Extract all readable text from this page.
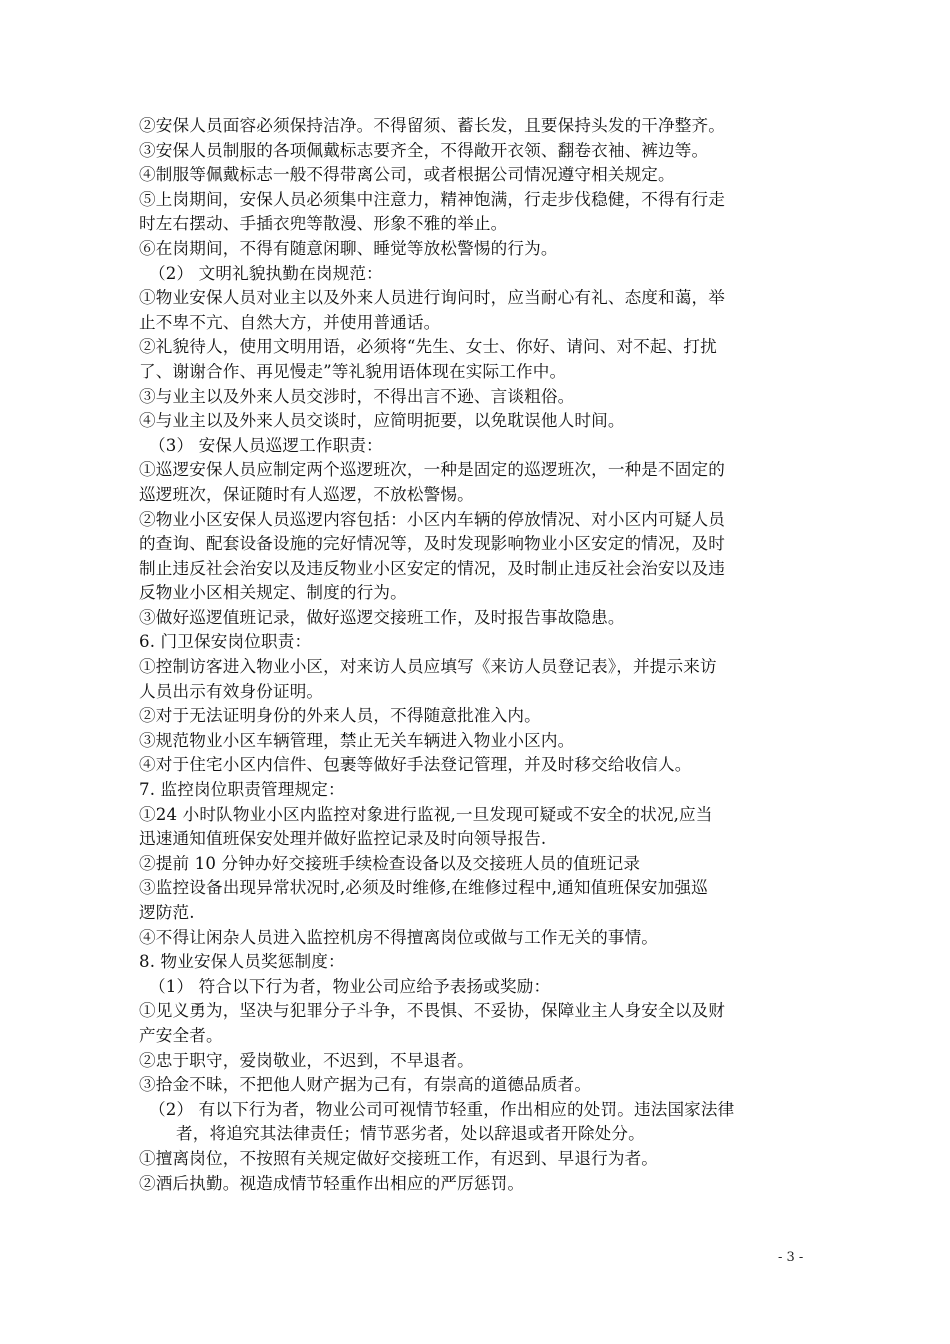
②安保人员面容必须保持洁净。不得留须、蓄长发，且要保持头发的干净整齐。
③安保人员制服的各项佩戴标志要齐全，不得敞开衣领、翻卷衣袖、裤边等。
④制服等佩戴标志一般不得带离公司，或者根据公司情况遵守相关规定。
⑤上岗期间，安保人员必须集中注意力，精神饱满，行走步伐稳健，不得有行走
时左右摆动、手插衣兜等散漫、形象不雅的举止。
⑥在岗期间，不得有随意闲聊、睡觉等放松警惕的行为。
（2） 文明礼貌执勤在岗规范：
①物业安保人员对业主以及外来人员进行询问时，应当耐心有礼、态度和蔼，举
止不卑不亢、自然大方，并使用普通话。
②礼貌待人，使用文明用语，必须将“先生、女士、你好、请问、对不起、打扰
了、谢谢合作、再见慢走”等礼貌用语体现在实际工作中。
③与业主以及外来人员交涉时，不得出言不逊、言谈粗俗。
④与业主以及外来人员交谈时，应简明扼要，以免耽误他人时间。
（3） 安保人员巡逻工作职责：
①巡逻安保人员应制定两个巡逻班次，一种是固定的巡逻班次，一种是不固定的
巡逻班次，保证随时有人巡逻，不放松警惕。
②物业小区安保人员巡逻内容包括：小区内车辆的停放情况、对小区内可疑人员
的查询、配套设备设施的完好情况等，及时发现影响物业小区安定的情况，及时
制止违反社会治安以及违反物业小区安定的情况，及时制止违反社会治安以及违
反物业小区相关规定、制度的行为。
③做好巡逻值班记录，做好巡逻交接班工作，及时报告事故隐患。
6. 门卫保安岗位职责：
①控制访客进入物业小区，对来访人员应填写《来访人员登记表》，并提示来访
人员出示有效身份证明。
②对于无法证明身份的外来人员，不得随意批准入内。
③规范物业小区车辆管理，禁止无关车辆进入物业小区内。
④对于住宅小区内信件、包裹等做好手法登记管理，并及时移交给收信人。
7. 监控岗位职责管理规定：
①24 小时队物业小区内监控对象进行监视,一旦发现可疑或不安全的状况,应当
迅速通知值班保安处理并做好监控记录及时向领导报告.
②提前 10 分钟办好交接班手续检查设备以及交接班人员的值班记录
③监控设备出现异常状况时,必须及时维修,在维修过程中,通知值班保安加强巡
逻防范.
④不得让闲杂人员进入监控机房不得擅离岗位或做与工作无关的事情。
8. 物业安保人员奖惩制度：
（1） 符合以下行为者，物业公司应给予表扬或奖励：
①见义勇为，坚决与犯罪分子斗争，不畏惧、不妥协，保障业主人身安全以及财
产安全者。
②忠于职守，爱岗敬业，不迟到，不早退者。
③拾金不昧，不把他人财产据为己有，有崇高的道德品质者。
（2） 有以下行为者，物业公司可视情节轻重，作出相应的处罚。违法国家法律
者，将追究其法律责任；情节恶劣者，处以辞退或者开除处分。
①擅离岗位，不按照有关规定做好交接班工作，有迟到、早退行为者。
②酒后执勤。视造成情节轻重作出相应的严厉惩罚。
- 3 -
